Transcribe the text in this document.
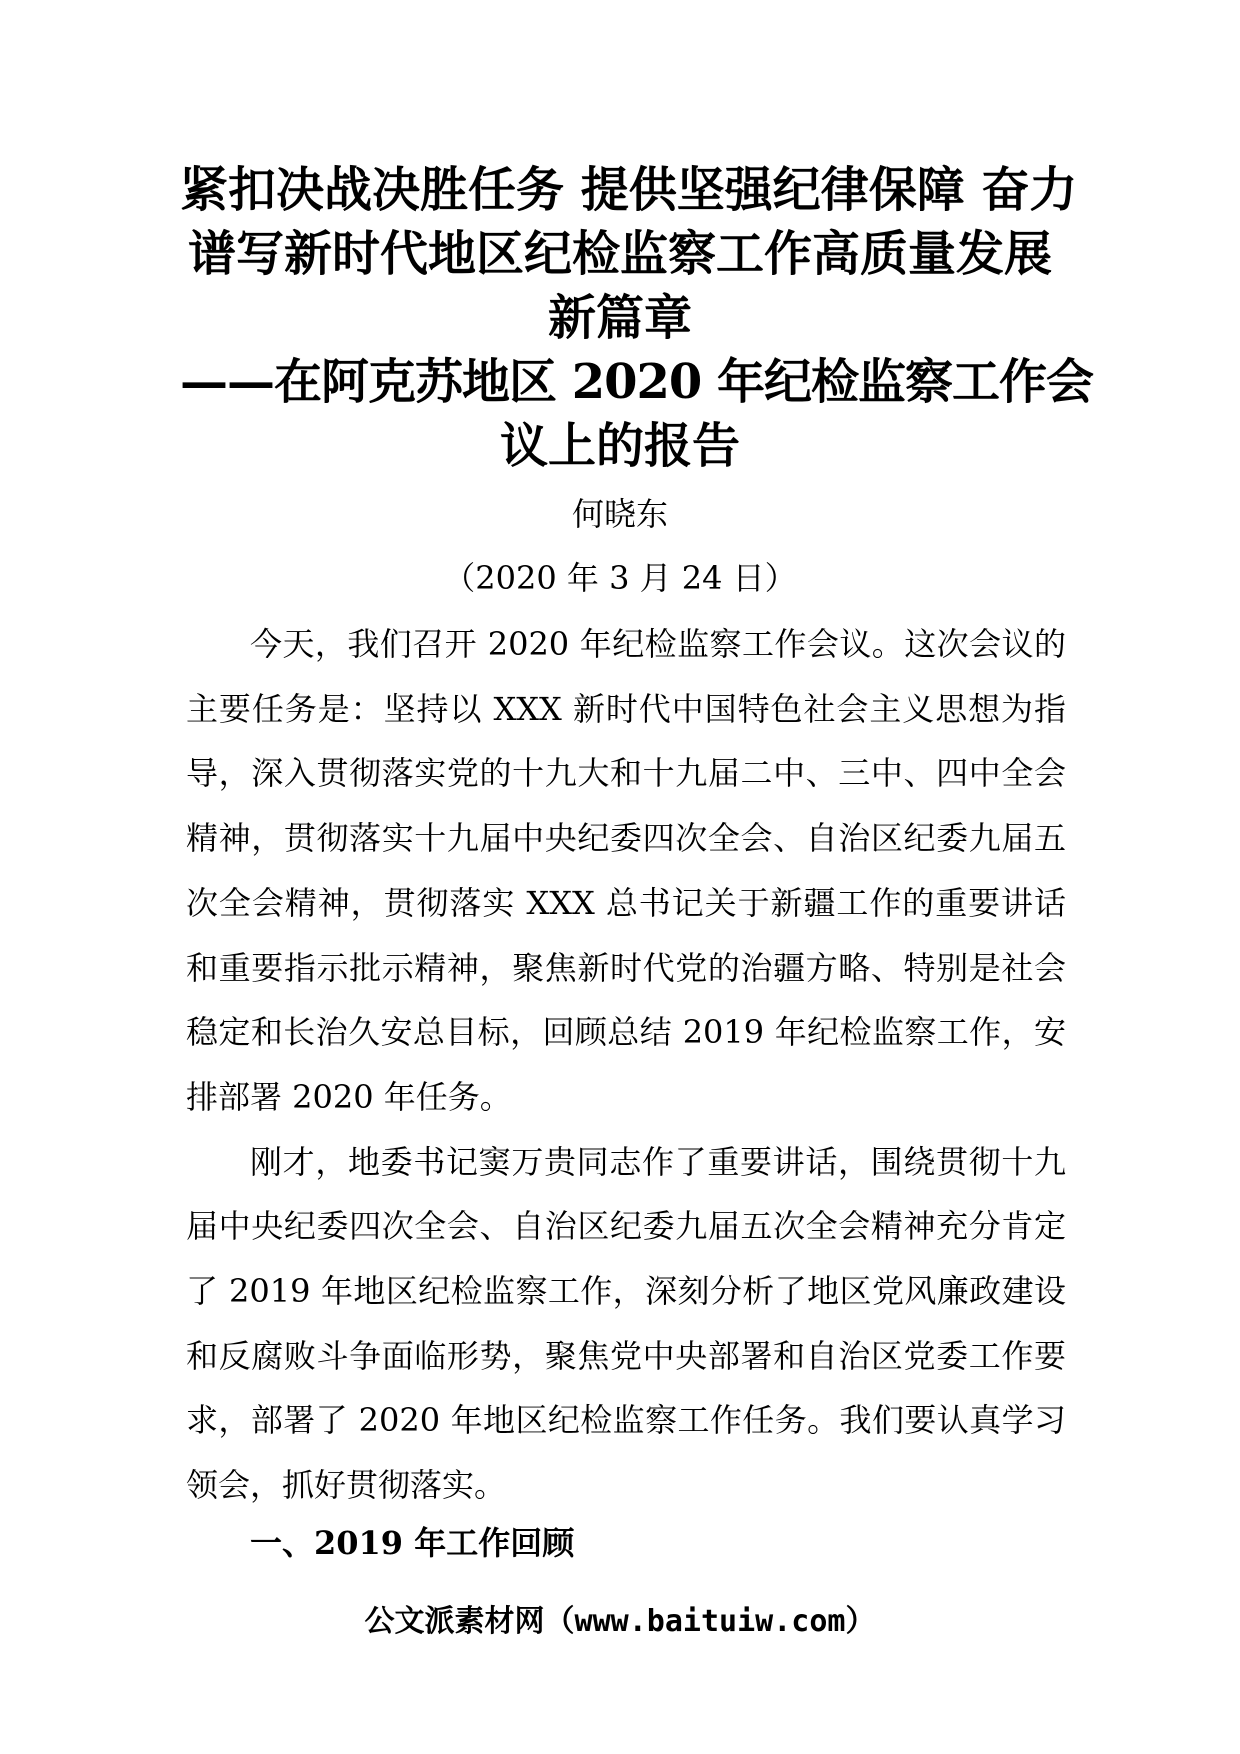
紧扣决战决胜任务 提供坚强纪律保障 奋力
谱写新时代地区纪检监察工作高质量发展
新篇章
——在阿克苏地区 2020 年纪检监察工作会
议上的报告
何晓东
（2020 年 3 月 24 日）

今天，我们召开 2020 年纪检监察工作会议。这次会议的主要任务是：坚持以 XXX 新时代中国特色社会主义思想为指导，深入贯彻落实党的十九大和十九届二中、三中、四中全会精神，贯彻落实十九届中央纪委四次全会、自治区纪委九届五次全会精神，贯彻落实 XXX 总书记关于新疆工作的重要讲话和重要指示批示精神，聚焦新时代党的治疆方略、特别是社会稳定和长治久安总目标，回顾总结 2019 年纪检监察工作，安排部署 2020 年任务。

刚才，地委书记窦万贵同志作了重要讲话，围绕贯彻十九届中央纪委四次全会、自治区纪委九届五次全会精神充分肯定了 2019 年地区纪检监察工作，深刻分析了地区党风廉政建设和反腐败斗争面临形势，聚焦党中央部署和自治区党委工作要求，部署了 2020 年地区纪检监察工作任务。我们要认真学习领会，抓好贯彻落实。

一、2019 年工作回顾
公文派素材网（www.baituiw.com）
